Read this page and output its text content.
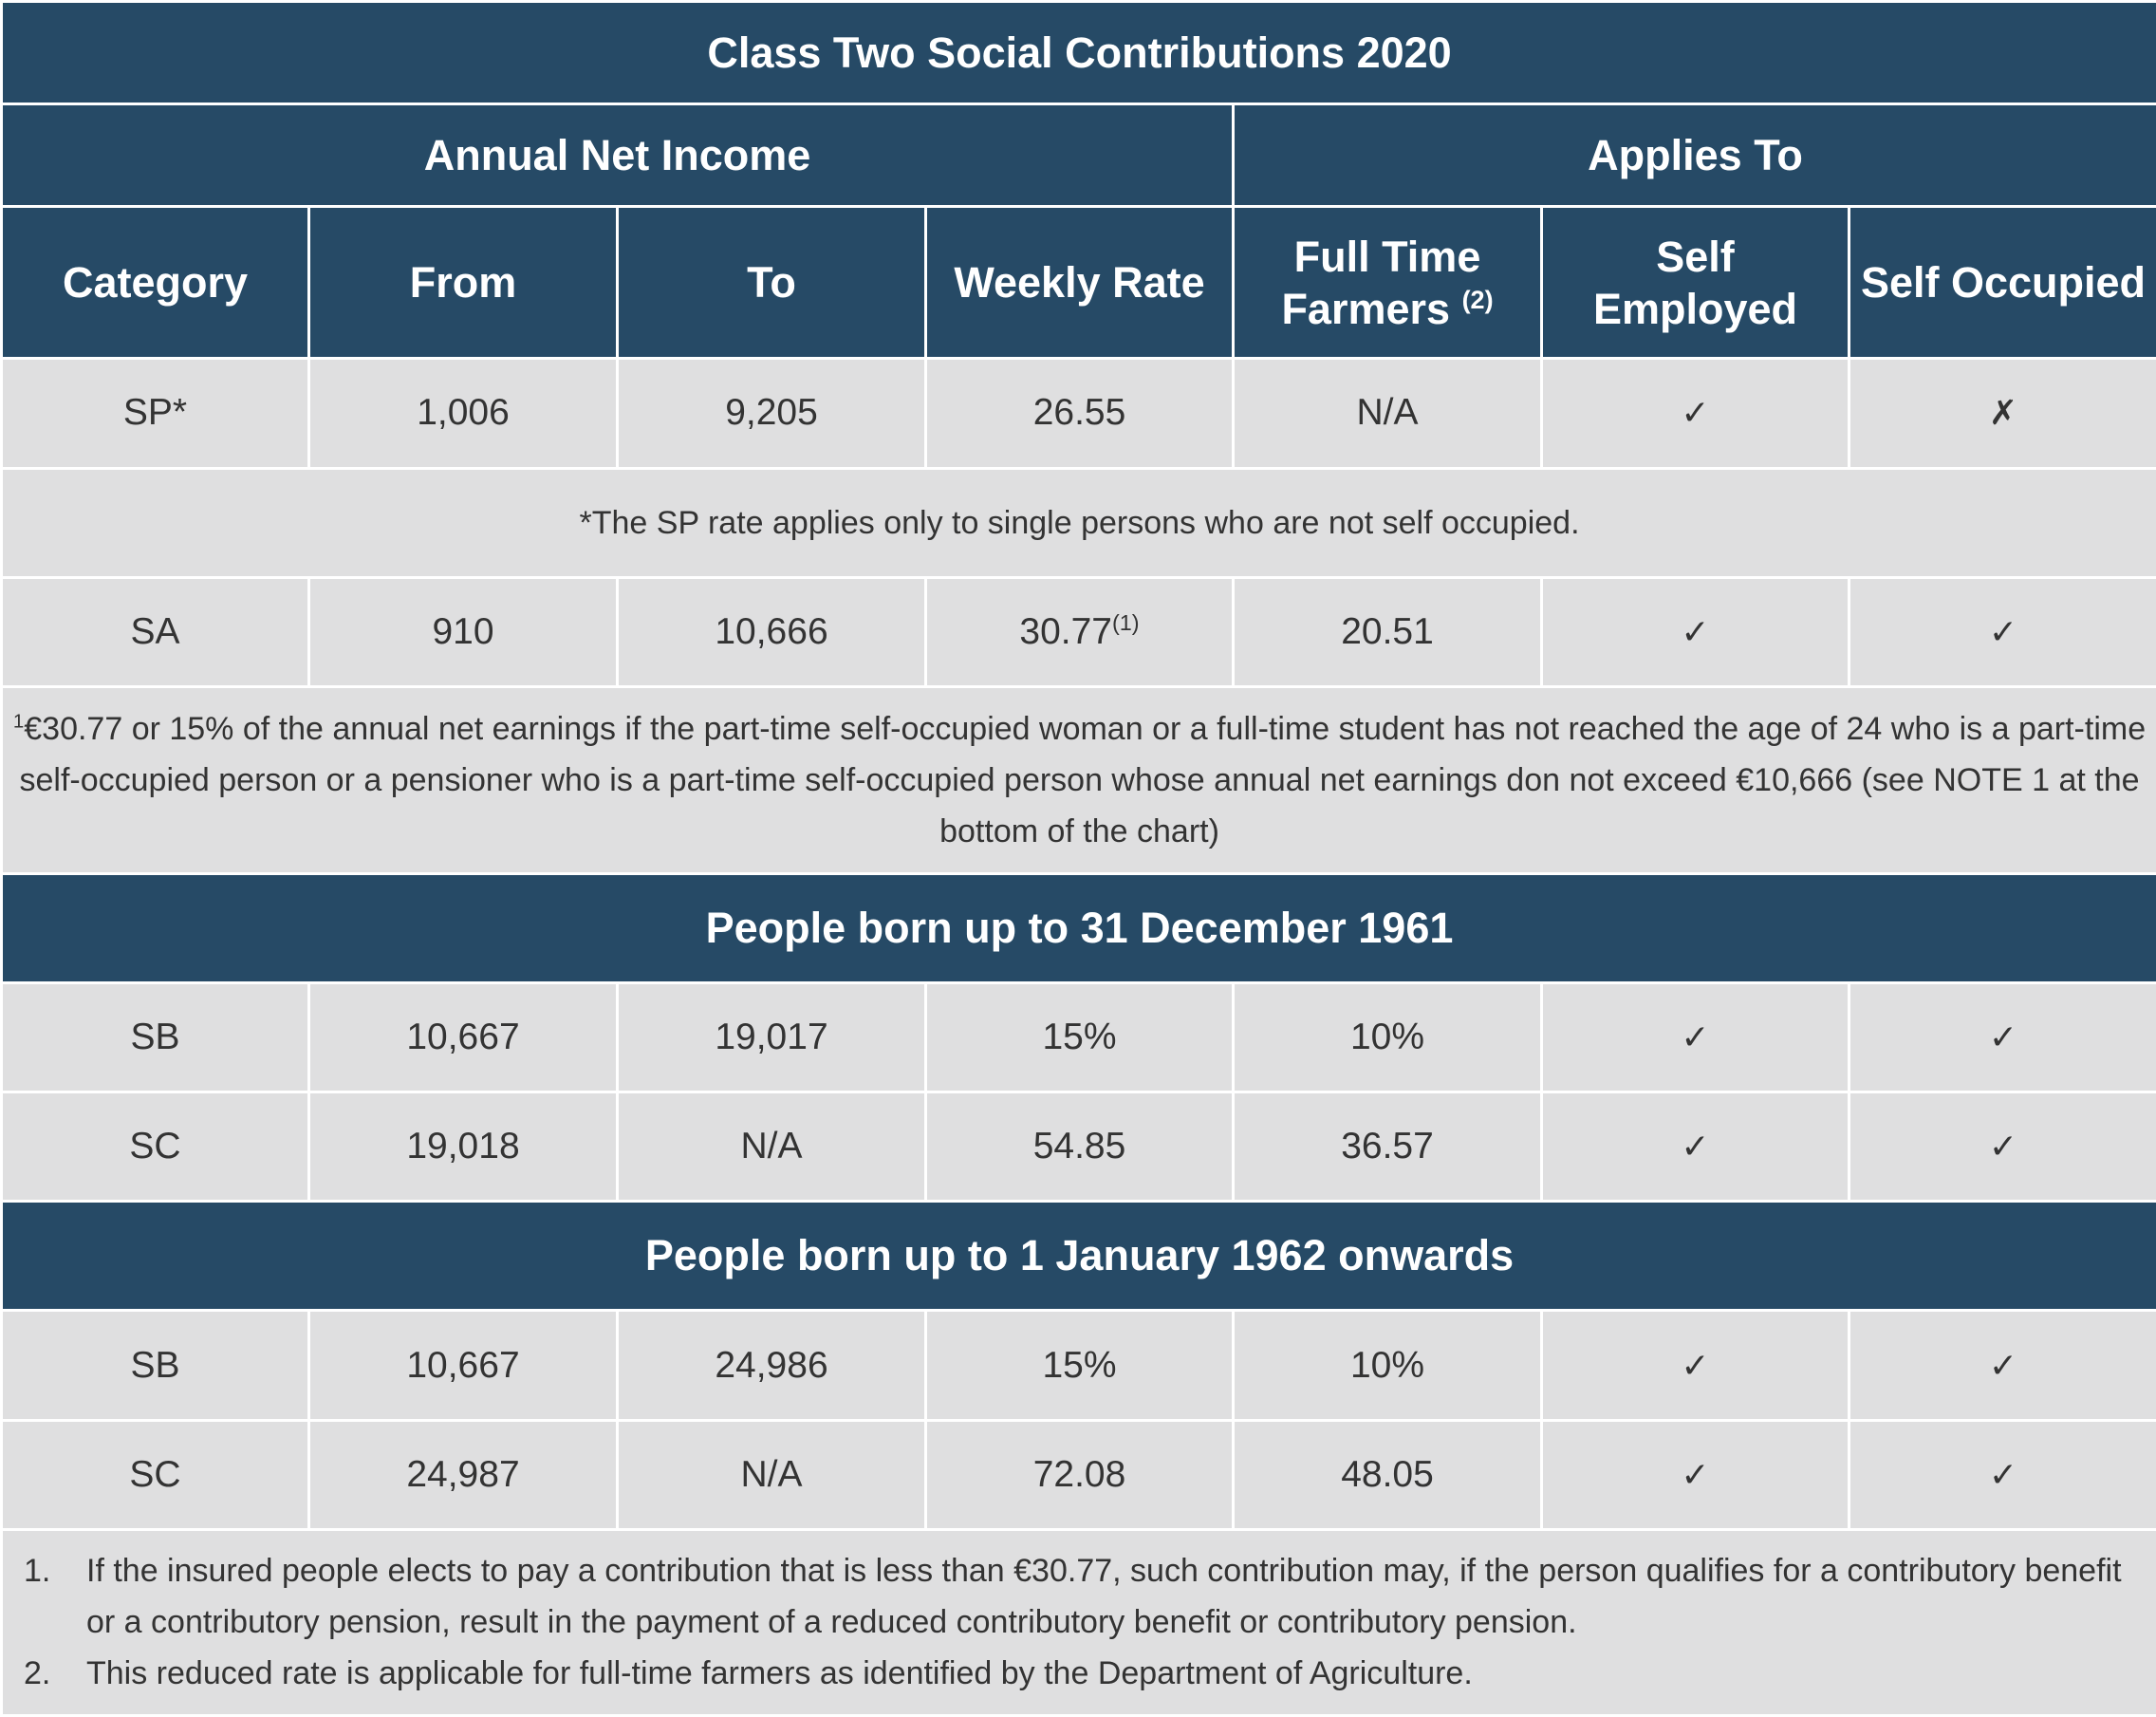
Class Two Social Contributions 2020						
Annual Net Income				Applies To		
Category	From	To	Weekly Rate	Full Time Farmers $^{(2)}$	Self Employed	Self Occupied
SP*	1,006	9,205	26.55	N/A	✓	✗
*The SP rate applies only to single persons who are not self occupied.						
SA	910	10,666	30.77$^{(1)}$	20.51	✓	✓
$^1$€30.77 or 15% of the annual net earnings if the part-time self-occupied woman or a full-time student has not reached the age of 24 who is a part-time self-occupied person or a pensioner who is a part-time self-occupied person whose annual net earnings don not exceed €10,666 (see NOTE 1 at the bottom of the chart)						
People born up to 31 December 1961						
SB	10,667	19,017	15%	10%	✓	✓
SC	19,018	N/A	54.85	36.57	✓	✓
People born up to 1 January 1962 onwards						
SB	10,667	24,986	15%	10%	✓	✓
SC	24,987	N/A	72.08	48.05	✓	✓

1. If the insured people elects to pay a contribution that is less than €30.77, such contribution may, if the person qualifies for a contributory benefit or a contributory pension, result in the payment of a reduced contributory benefit or contributory pension.
2. This reduced rate is applicable for full-time farmers as identified by the Department of Agriculture.						
